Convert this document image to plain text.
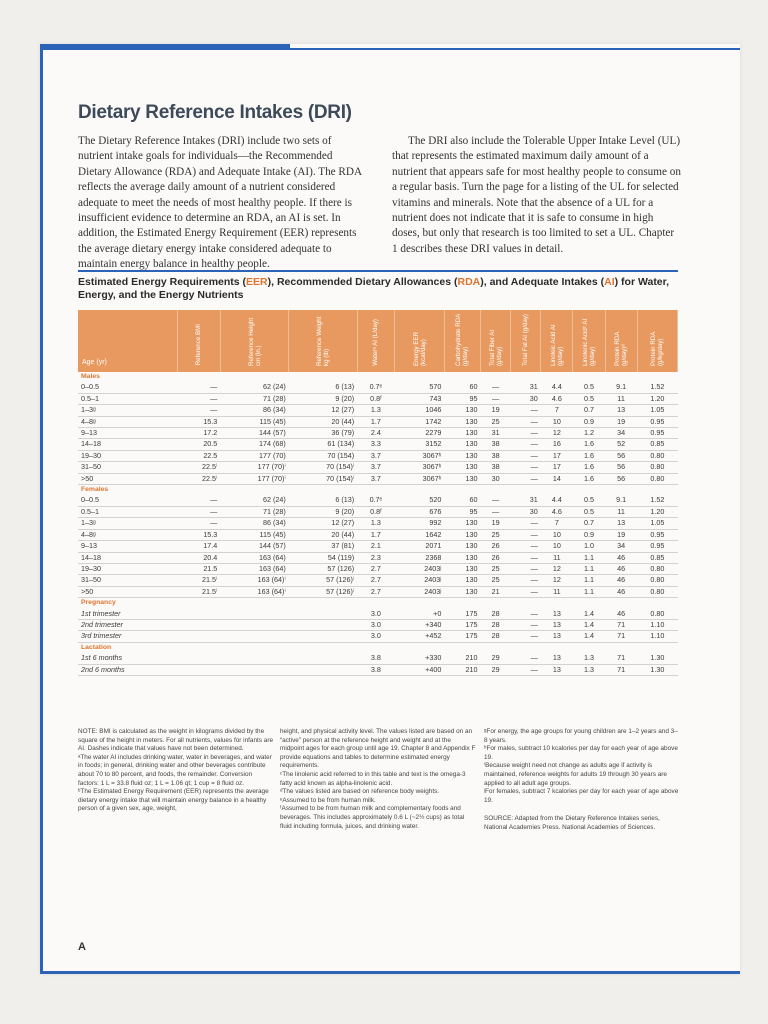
Dietary Reference Intakes (DRI)

The Dietary Reference Intakes (DRI) include two sets of nutrient intake goals for individuals—the Recommended Dietary Allowance (RDA) and Adequate Intake (AI). The RDA reflects the average daily amount of a nutrient considered adequate to meet the needs of most healthy people. If there is insufficient evidence to determine an RDA, an AI is set. In addition, the Estimated Energy Requirement (EER) represents the average dietary energy intake considered adequate to maintain energy balance in healthy people.

The DRI also include the Tolerable Upper Intake Level (UL) that represents the estimated maximum daily amount of a nutrient that appears safe for most healthy people to consume on a regular basis. Turn the page for a listing of the UL for selected vitamins and minerals. Note that the absence of a UL for a nutrient does not indicate that it is safe to consume in high doses, but only that research is too limited to set a UL. Chapter 1 describes these DRI values in detail.

Estimated Energy Requirements (EER), Recommended Dietary Allowances (RDA), and Adequate Intakes (AI) for Water, Energy, and the Energy Nutrients
Age (yr)	Reference BMI	Reference Height cm (in.)	Reference Weight kg (lb)	Waterᵃ AI (L/day)	Energy EER (kcal/day)	Carbohydrate RDA (g/day)	Total Fiber AI (g/day)	Total Fat AI (g/day)	Linoleic Acid AI (g/day)	Linolenic Acidᶜ AI (g/day)	Protein RDA (g/day)ᵈ	Protein RDA (g/kg/day)
Males												
0–0.5	—	62 (24)	6 (13)	0.7ᵉ	570	60	—	31	4.4	0.5	9.1	1.52
0.5–1	—	71 (28)	9 (20)	0.8ᶠ	743	95	—	30	4.6	0.5	11	1.20
1–3ᵍ	—	86 (34)	12 (27)	1.3	1046	130	19	—	7	0.7	13	1.05
4–8ᵍ	15.3	115 (45)	20 (44)	1.7	1742	130	25	—	10	0.9	19	0.95
9–13	17.2	144 (57)	36 (79)	2.4	2279	130	31	—	12	1.2	34	0.95
14–18	20.5	174 (68)	61 (134)	3.3	3152	130	38	—	16	1.6	52	0.85
19–30	22.5	177 (70)	70 (154)	3.7	3067ʰ	130	38	—	17	1.6	56	0.80
31–50	22.5ⁱ	177 (70)ⁱ	70 (154)ⁱ	3.7	3067ʰ	130	38	—	17	1.6	56	0.80
>50	22.5ⁱ	177 (70)ⁱ	70 (154)ⁱ	3.7	3067ʰ	130	30	—	14	1.6	56	0.80
Females												
0–0.5	—	62 (24)	6 (13)	0.7ᵉ	520	60	—	31	4.4	0.5	9.1	1.52
0.5–1	—	71 (28)	9 (20)	0.8ᶠ	676	95	—	30	4.6	0.5	11	1.20
1–3ᵍ	—	86 (34)	12 (27)	1.3	992	130	19	—	7	0.7	13	1.05
4–8ᵍ	15.3	115 (45)	20 (44)	1.7	1642	130	25	—	10	0.9	19	0.95
9–13	17.4	144 (57)	37 (81)	2.1	2071	130	26	—	10	1.0	34	0.95
14–18	20.4	163 (64)	54 (119)	2.3	2368	130	26	—	11	1.1	46	0.85
19–30	21.5	163 (64)	57 (126)	2.7	2403ʲ	130	25	—	12	1.1	46	0.80
31–50	21.5ⁱ	163 (64)ⁱ	57 (126)ⁱ	2.7	2403ʲ	130	25	—	12	1.1	46	0.80
>50	21.5ⁱ	163 (64)ⁱ	57 (126)ⁱ	2.7	2403ʲ	130	21	—	11	1.1	46	0.80
Pregnancy												
1st trimester				3.0	+0	175	28	—	13	1.4	46	0.80
2nd trimester				3.0	+340	175	28	—	13	1.4	71	1.10
3rd trimester				3.0	+452	175	28	—	13	1.4	71	1.10
Lactation												
1st 6 months				3.8	+330	210	29	—	13	1.3	71	1.30
2nd 6 months				3.8	+400	210	29	—	13	1.3	71	1.30

NOTE: BMI is calculated as the weight in kilograms divided by the square of the height in meters. For all nutrients, values for infants are AI. Dashes indicate that values have not been determined.

ᵃThe water AI includes drinking water, water in beverages, and water in foods; in general, drinking water and other beverages contribute about 70 to 80 percent, and foods, the remainder. Conversion factors: 1 L = 33.8 fluid oz; 1 L = 1.06 qt; 1 cup = 8 fluid oz.

ᵇThe Estimated Energy Requirement (EER) represents the average dietary energy intake that will maintain energy balance in a healthy person of a given sex, age, weight,

height, and physical activity level. The values listed are based on an “active” person at the reference height and weight and at the midpoint ages for each group until age 19. Chapter 8 and Appendix F provide equations and tables to determine estimated energy requirements.

ᶜThe linolenic acid referred to in this table and text is the omega-3 fatty acid known as alpha-linolenic acid.

ᵈThe values listed are based on reference body weights.

ᵉAssumed to be from human milk.

ᶠAssumed to be from human milk and complementary foods and beverages. This includes approximately 0.6 L (~2½ cups) as total fluid including formula, juices, and drinking water.

ᵍFor energy, the age groups for young children are 1–2 years and 3–8 years.

ʰFor males, subtract 10 kcalories per day for each year of age above 19.

ⁱBecause weight need not change as adults age if activity is maintained, reference weights for adults 19 through 30 years are applied to all adult age groups.

ʲFor females, subtract 7 kcalories per day for each year of age above 19.

SOURCE: Adapted from the Dietary Reference Intakes series, National Academies Press. National Academies of Sciences.

A
